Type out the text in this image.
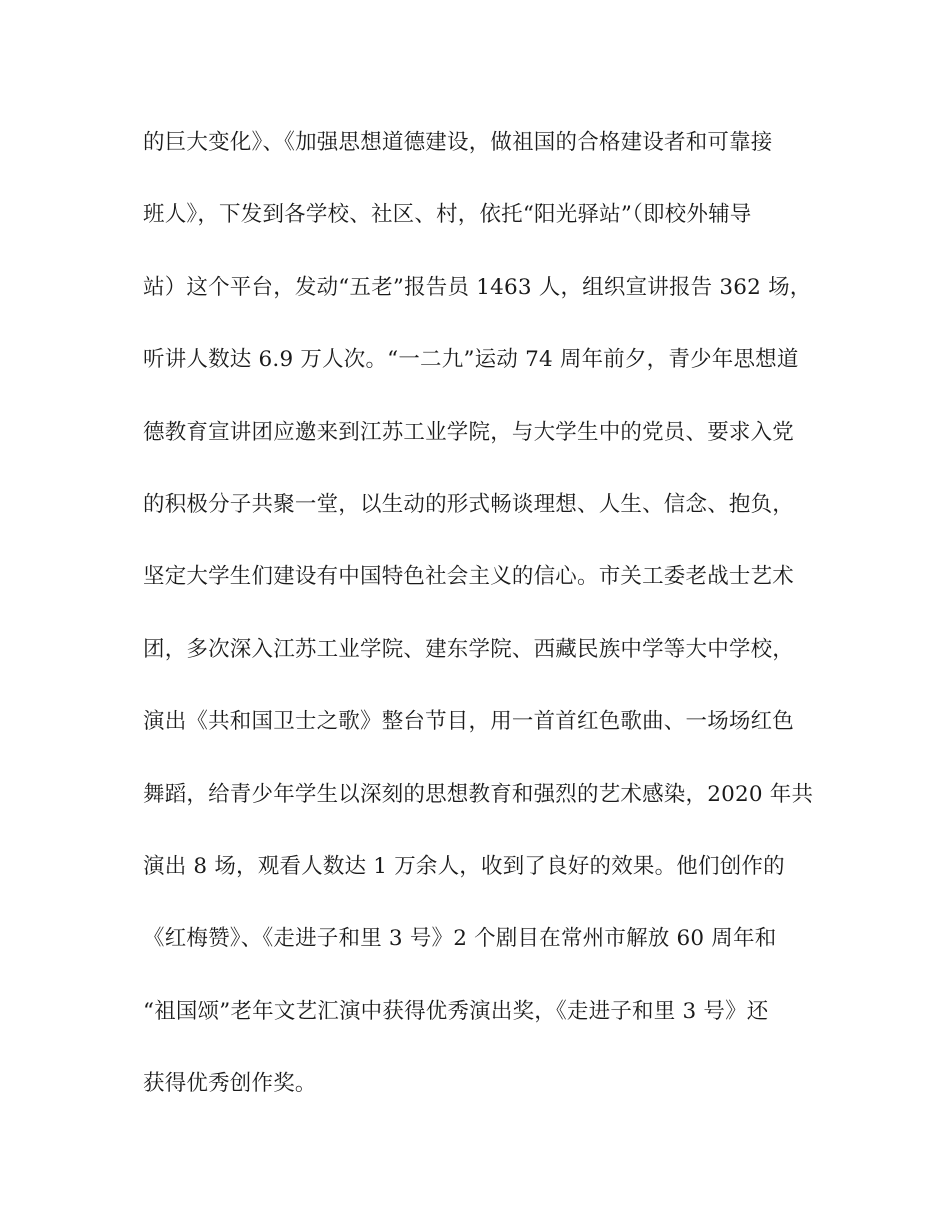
的巨大变化》、《加强思想道德建设，做祖国的合格建设者和可靠接
班人》，下发到各学校、社区、村，依托“阳光驿站”（即校外辅导
站）这个平台，发动“五老”报告员 1463 人，组织宣讲报告 362 场，
听讲人数达 6.9 万人次。“一二九”运动 74 周年前夕，青少年思想道
德教育宣讲团应邀来到江苏工业学院，与大学生中的党员、要求入党
的积极分子共聚一堂，以生动的形式畅谈理想、人生、信念、抱负，
坚定大学生们建设有中国特色社会主义的信心。市关工委老战士艺术
团，多次深入江苏工业学院、建东学院、西藏民族中学等大中学校，
演出《共和国卫士之歌》整台节目，用一首首红色歌曲、一场场红色
舞蹈，给青少年学生以深刻的思想教育和强烈的艺术感染，2020 年共
演出 8 场，观看人数达 1 万余人，收到了良好的效果。他们创作的
《红梅赞》、《走进子和里 3 号》2 个剧目在常州市解放 60 周年和
“祖国颂”老年文艺汇演中获得优秀演出奖，《走进子和里 3 号》还
获得优秀创作奖。
